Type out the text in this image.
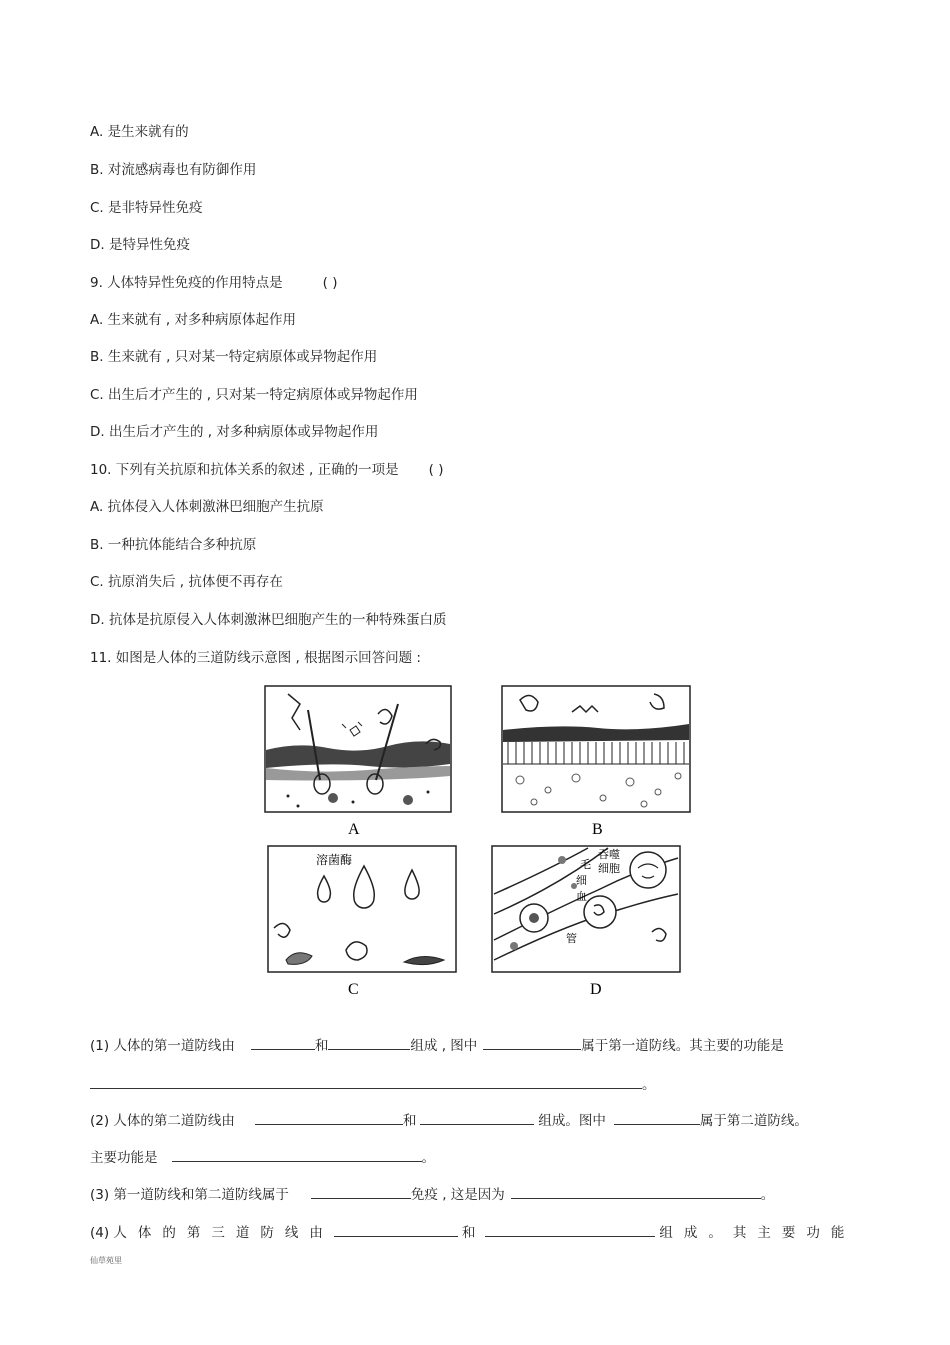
A. 是生来就有的
B. 对流感病毒也有防御作用
C. 是非特异性免疫
D. 是特异性免疫
9. 人体特异性免疫的作用特点是	( )
A. 生来就有 , 对多种病原体起作用
B. 生来就有 , 只对某一特定病原体或异物起作用
C. 出生后才产生的 , 只对某一特定病原体或异物起作用
D. 出生后才产生的 , 对多种病原体或异物起作用
10. 下列有关抗原和抗体关系的叙述 , 正确的一项是 ( )
A. 抗体侵入人体刺激淋巴细胞产生抗原
B. 一种抗体能结合多种抗原
C. 抗原消失后 , 抗体便不再存在
D. 抗体是抗原侵入人体刺激淋巴细胞产生的一种特殊蛋白质
11. 如图是人体的三道防线示意图 , 根据图示回答问题 :
A	B
溶菌酶
C
毛
细
血
管
吞噬
细胞
D
(1) 人体的第一道防线由	和	组成 , 图中	属于第一道防线。其主要的功能是
。
(2) 人体的第二道防线由	和	组成。图中	属于第二道防线。
主要功能是	。
(3) 第一道防线和第二道防线属于	免疫 , 这是因为	。
(4) 人体的第三道防线由	和	组成。其主要功能
仙草苑里
